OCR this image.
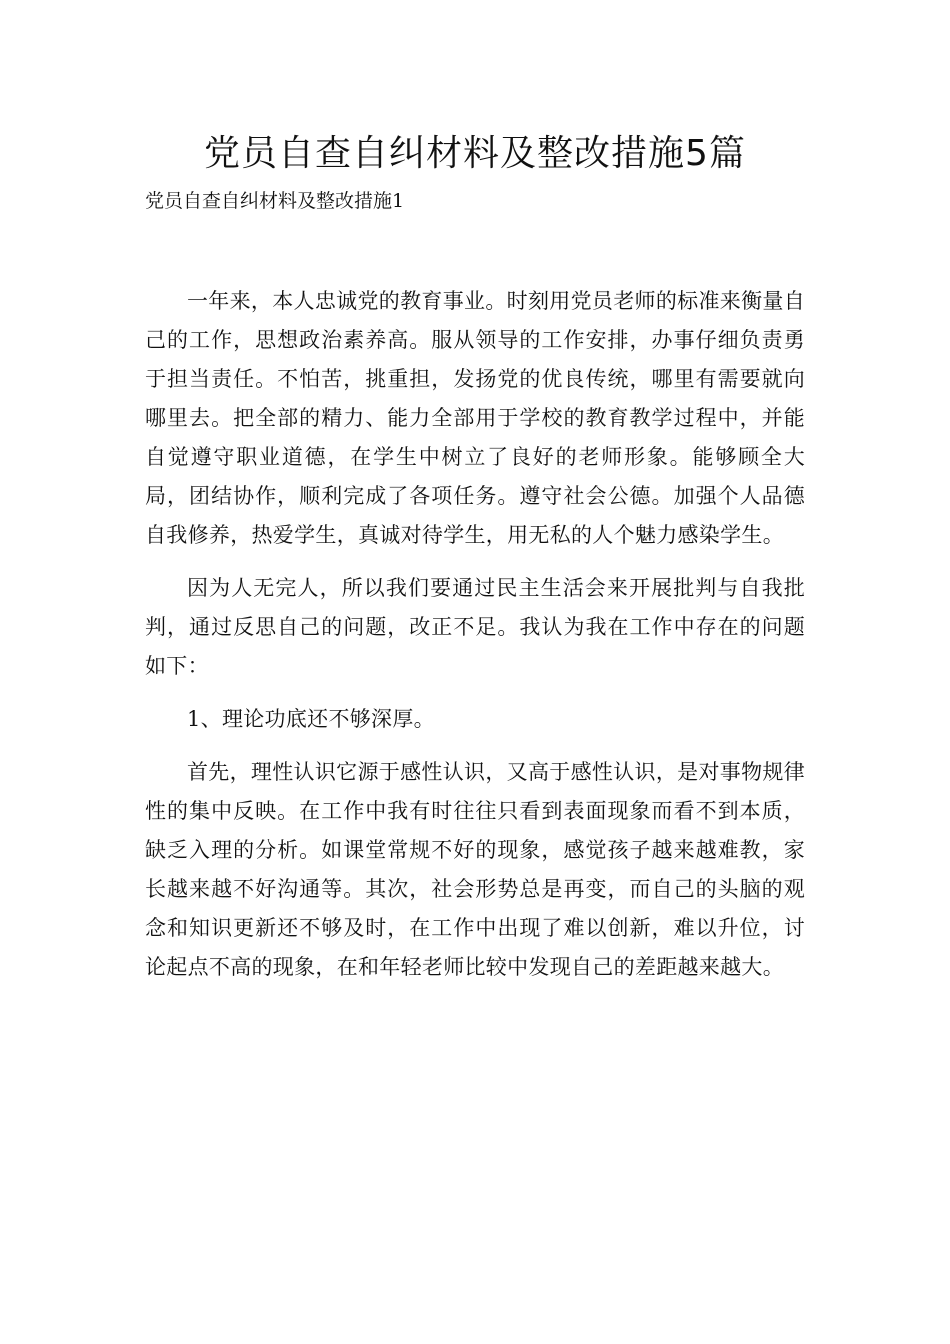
党员自查自纠材料及整改措施5篇
党员自查自纠材料及整改措施1

一年来，本人忠诚党的教育事业。时刻用党员老师的标准来衡量自己的工作，思想政治素养高。服从领导的工作安排，办事仔细负责勇于担当责任。不怕苦，挑重担，发扬党的优良传统，哪里有需要就向哪里去。把全部的精力、能力全部用于学校的教育教学过程中，并能自觉遵守职业道德，在学生中树立了良好的老师形象。能够顾全大局，团结协作，顺利完成了各项任务。遵守社会公德。加强个人品德自我修养，热爱学生，真诚对待学生，用无私的人个魅力感染学生。

因为人无完人，所以我们要通过民主生活会来开展批判与自我批判，通过反思自己的问题，改正不足。我认为我在工作中存在的问题如下：

1、理论功底还不够深厚。

首先，理性认识它源于感性认识，又高于感性认识，是对事物规律性的集中反映。在工作中我有时往往只看到表面现象而看不到本质，缺乏入理的分析。如课堂常规不好的现象，感觉孩子越来越难教，家长越来越不好沟通等。其次，社会形势总是再变，而自己的头脑的观念和知识更新还不够及时，在工作中出现了难以创新，难以升位，讨论起点不高的现象，在和年轻老师比较中发现自己的差距越来越大。
